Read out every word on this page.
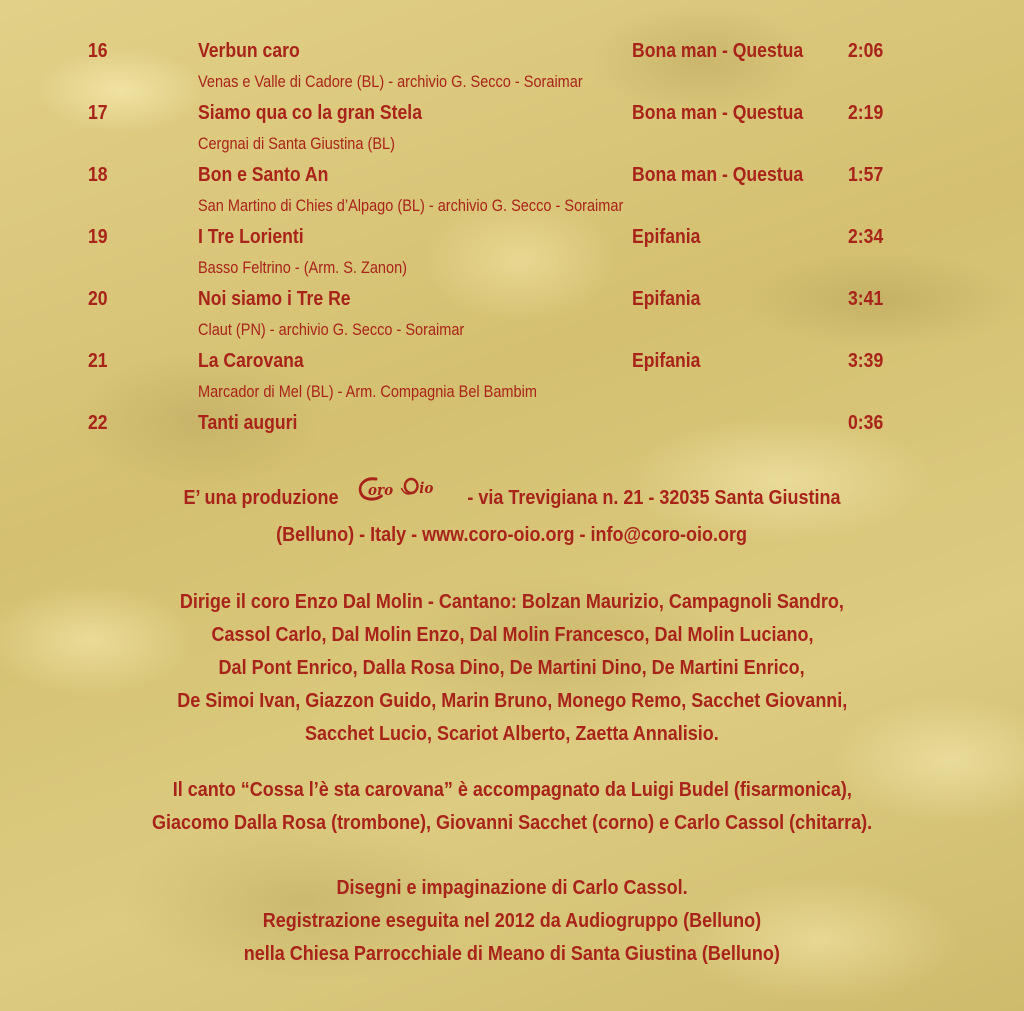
16	Verbun caro	Bona man - Questua 2:06
Venas e Valle di Cadore (BL) - archivio G. Secco - Soraimar
17	Siamo qua co la gran Stela	Bona man - Questua 2:19
Cergnai di Santa Giustina (BL)
18	Bon e Santo An	Bona man - Questua 1:57
San Martino di Chies d’Alpago (BL) - archivio G. Secco - Soraimar
19	I Tre Lorienti	Epifania	2:34
Basso Feltrino - (Arm. S. Zanon)
20	Noi siamo i Tre Re	Epifania	3:41
Claut (PN) - archivio G. Secco - Soraimar
21	La Carovana	Epifania	3:39
Marcador di Mel (BL) - Arm. Compagnia Bel Bambim
22	Tanti auguri	0:36
E’ una produzione oro io - via Trevigiana n. 21 - 32035 Santa Giustina
(Belluno) - Italy - www.coro-oio.org - info@coro-oio.org
Dirige il coro Enzo Dal Molin - Cantano: Bolzan Maurizio, Campagnoli Sandro,
Cassol Carlo, Dal Molin Enzo, Dal Molin Francesco, Dal Molin Luciano,
Dal Pont Enrico, Dalla Rosa Dino, De Martini Dino, De Martini Enrico,
De Simoi Ivan, Giazzon Guido, Marin Bruno, Monego Remo, Sacchet Giovanni,
Sacchet Lucio, Scariot Alberto, Zaetta Annalisio.
Il canto “Cossa l’è sta carovana” è accompagnato da Luigi Budel (fisarmonica),
Giacomo Dalla Rosa (trombone), Giovanni Sacchet (corno) e Carlo Cassol (chitarra).
Disegni e impaginazione di Carlo Cassol.
Registrazione eseguita nel 2012 da Audiogruppo (Belluno)
nella Chiesa Parrocchiale di Meano di Santa Giustina (Belluno)
